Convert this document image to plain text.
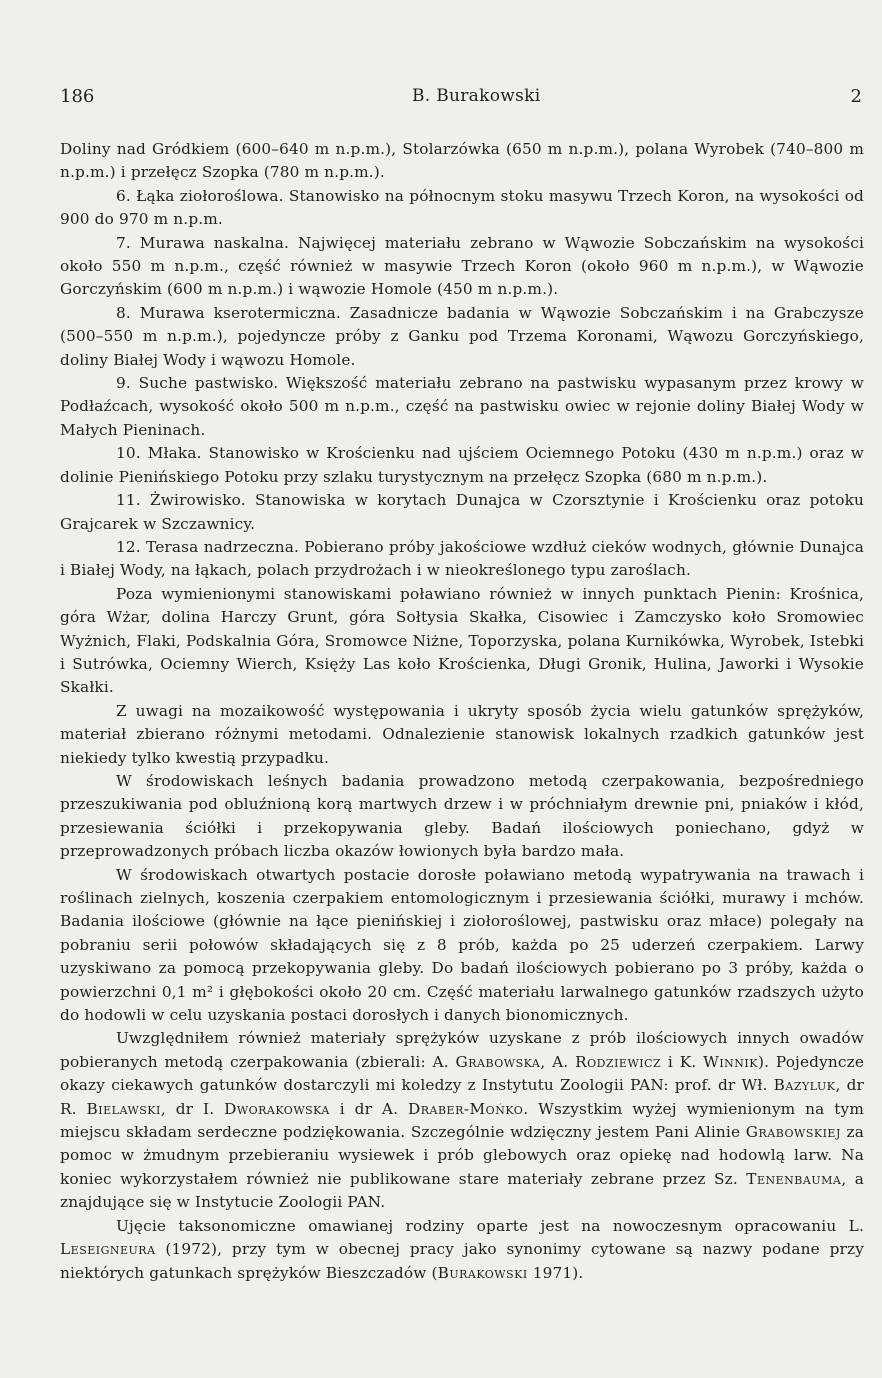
186	B. Burakowski	2

Doliny nad Gródkiem (600–640 m n.p.m.), Stolarzówka (650 m n.p.m.), polana Wyrobek (740–800 m n.p.m.) i przełęcz Szopka (780 m n.p.m.).

6. Łąka ziołoroślowa. Stanowisko na północnym stoku masywu Trzech Koron, na wysokości od 900 do 970 m n.p.m.

7. Murawa naskalna. Najwięcej materiału zebrano w Wąwozie Sobczańskim na wysokości około 550 m n.p.m., część również w masywie Trzech Koron (około 960 m n.p.m.), w Wąwozie Gorczyńskim (600 m n.p.m.) i wąwozie Homole (450 m n.p.m.).

8. Murawa kserotermiczna. Zasadnicze badania w Wąwozie Sobczańskim i na Grabczysze (500–550 m n.p.m.), pojedyncze próby z Ganku pod Trzema Koronami, Wąwozu Gorczyńskiego, doliny Białej Wody i wąwozu Homole.

9. Suche pastwisko. Większość materiału zebrano na pastwisku wypasanym przez krowy w Podłaźcach, wysokość około 500 m n.p.m., część na pastwisku owiec w rejonie doliny Białej Wody w Małych Pieninach.

10. Młaka. Stanowisko w Krościenku nad ujściem Ociemnego Potoku (430 m n.p.m.) oraz w dolinie Pienińskiego Potoku przy szlaku turystycznym na przełęcz Szopka (680 m n.p.m.).

11. Żwirowisko. Stanowiska w korytach Dunajca w Czorsztynie i Krościenku oraz potoku Grajcarek w Szczawnicy.

12. Terasa nadrzeczna. Pobierano próby jakościowe wzdłuż cieków wodnych, głównie Dunajca i Białej Wody, na łąkach, polach przydrożach i w nieokreślonego typu zaroślach.

Poza wymienionymi stanowiskami poławiano również w innych punktach Pienin: Krośnica, góra Wżar, dolina Harczy Grunt, góra Sołtysia Skałka, Cisowiec i Zamczysko koło Sromowiec Wyżnich, Flaki, Podskalnia Góra, Sromowce Niżne, Toporzyska, polana Kurnikówka, Wyrobek, Istebki i Sutrówka, Ociemny Wierch, Księży Las koło Krościenka, Długi Gronik, Hulina, Jaworki i Wysokie Skałki.

Z uwagi na mozaikowość występowania i ukryty sposób życia wielu gatunków sprężyków, materiał zbierano różnymi metodami. Odnalezienie stanowisk lokalnych rzadkich gatunków jest niekiedy tylko kwestią przypadku.

W środowiskach leśnych badania prowadzono metodą czerpakowania, bezpośredniego przeszukiwania pod obluźnioną korą martwych drzew i w próchniałym drewnie pni, pniaków i kłód, przesiewania ściółki i przekopywania gleby. Badań ilościowych poniechano, gdyż w przeprowadzonych próbach liczba okazów łowionych była bardzo mała.

W środowiskach otwartych postacie dorosłe poławiano metodą wypatrywania na trawach i roślinach zielnych, koszenia czerpakiem entomologicznym i przesiewania ściółki, murawy i mchów. Badania ilościowe (głównie na łące pienińskiej i ziołoroślowej, pastwisku oraz młace) polegały na pobraniu serii połowów składających się z 8 prób, każda po 25 uderzeń czerpakiem. Larwy uzyskiwano za pomocą przekopywania gleby. Do badań ilościowych pobierano po 3 próby, każda o powierzchni 0,1 m² i głębokości około 20 cm. Część materiału larwalnego gatunków rzadszych użyto do hodowli w celu uzyskania postaci dorosłych i danych bionomicznych.

Uwzględniłem również materiały sprężyków uzyskane z prób ilościowych innych owadów pobieranych metodą czerpakowania (zbierali: A. Grabowska, A. Rodziewicz i K. Winnik). Pojedyncze okazy ciekawych gatunków dostarczyli mi koledzy z Instytutu Zoologii PAN: prof. dr Wł. Bazyluk, dr R. Bielawski, dr I. Dworakowska i dr A. Draber-Mońko. Wszystkim wyżej wymienionym na tym miejscu składam serdeczne podziękowania. Szczególnie wdzięczny jestem Pani Alinie Grabowskiej za pomoc w żmudnym przebieraniu wysiewek i prób glebowych oraz opiekę nad hodowlą larw. Na koniec wykorzystałem również nie publikowane stare materiały zebrane przez Sz. Tenenbauma, a znajdujące się w Instytucie Zoologii PAN.

Ujęcie taksonomiczne omawianej rodziny oparte jest na nowoczesnym opracowaniu L. Leseigneura (1972), przy tym w obecnej pracy jako synonimy cytowane są nazwy podane przy niektórych gatunkach sprężyków Bieszczadów (Burakowski 1971).
